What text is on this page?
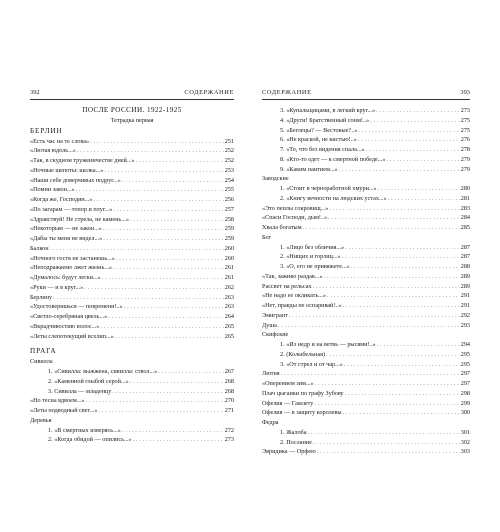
392	СОДЕРЖАНИЕ
ПОСЛЕ РОССИИ. 1922-1925
Тетрадка первая
БЕРЛИН
«Есть час на те слова» . . .	251
«Лютая юдоль...» . . .	252
«Так, в скудном труженичестве дней...» . . .	252
«Ночные шепоты: шелка...» . . .	253
«Наши себе доверчивых подруг...» . . .	254
«Помни закон...» . . .	255
«Когда же, Господин...» . . .	256
«По загарам — топор и плуг...» . . .	257
«Здравствуй! Не стрела, не камень...» . . .	258
«Некоторым — не закон...» . . .	259
«Дабы ты меня не видел...» . . .	259
Балкон . . .	260
«Ночного гостя не застанешь...» . . .	260
«Неподражаемо лжет жизнь...» . . .	261
«Думалось: будут легки...» . . .	261
«Руки — и в круг...» . . .	262
Берлину . . .	263
«Удостоверишься — повремени!..» . . .	263
«Светло-серебряная цвель...» . . .	264
«Вкрадчивостию волос...» . . .	265
«Леты слепотекущий всхлип...» . . .	265
ПРАГА
Сивилла
1. «Сивилла: выжжена, сивилла: ствол...» . . .	267
2. «Каменной глыбой серой...» . . .	268
3. Сивилла — младенцу . . .	268
«Но тесна вдвоем...» . . .	270
«Леты подводный свет...» . . .	271
Деревья
1. «В смертных изверясь...» . . .	272
2. «Когда обидой — опились...» . . .	273
СОДЕРЖАНИЕ	393
3. «Купальщицами, в легкий круг...» . . .	273
4. «Други! Братственный сонм!..» . . .	275
5. «Беглецы? — Вестовые?..» . . .	275
6. «Не краской, не кистью!..» . . .	276
7. «То, что без видения спала...» . . .	278
8. «Кто-то едет — к смертной победе...» . . .	279
9. «Каким наитием...» . . .	279
Заводские
1. «Стоит в черноработной хмури...» . . .	280
2. «Книгу вечности на людских устах...» . . .	281
«Это пеплы сокровищ...» . . .	283
«Спаси Господи, дым!..» . . .	284
Хвала богатым . . .	285
Бог
1. «Лицо без обличия...» . . .	287
2. «Нищих и горлиц...» . . .	287
3. «О, его не привяжете...» . . .	288
«Так, заживо раздав...» . . .	289
Рассвет на рельсах . . .	289
«Не надо ее окликать...» . . .	291
«Нет, правды не оспаривай!..» . . .	291
Эмигрант . . .	292
Душа . . .	293
Скифские
1. «Из недр и на ветвь — рысями!..» . . .	294
2. (Колыбельная) . . .	295
3. «От стрел и от чар...» . . .	295
Лютня . . .	297
«Оперением зим...» . . .	297
Плач цыганки по графу Зубову . . .	298
Офелия — Гамлету . . .	299
Офелия — в защиту королевы . . .	300
Федра
1. Жалоба . . .	301
2. Послание . . .	302
Эвридика — Орфею . . .	303
